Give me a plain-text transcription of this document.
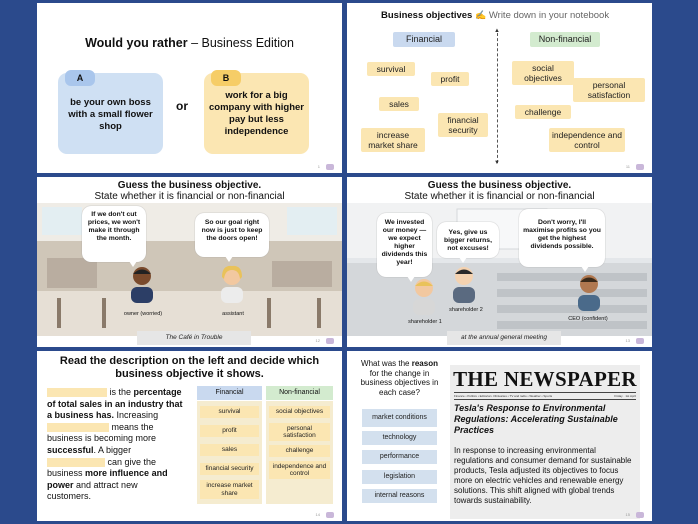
Would you rather – Business Edition
A
be your own boss with a small flower shop
or
B
work for a big company with higher pay but less independence
1
Business objectives ✍ Write down in your notebook
Financial	Non-financial
▲
▼
survival
profit
sales
financial security
increase market share
social objectives
personal satisfaction
challenge
independence and control
11
Guess the business objective.
State whether it is financial or non-financial
If we don't cut prices, we won't make it through the month.
So our goal right now is just to keep the doors open!
owner (worried)	assistant
The Café in Trouble	12
Guess the business objective.
State whether it is financial or non-financial
We invested our money — we expect higher dividends this year!
Yes, give us bigger returns, not excuses!
Don't worry, I'll maximise profits so you get the highest dividends possible.
shareholder 1
shareholder 2
CEO (confident)
at the annual general meeting	13
Read the description on the left and decide which business objective it shows.
is the percentage of total sales in an industry that a business has. Increasing  means the business is becoming more successful. A bigger  can give the business more influence and power and attract new customers.
Financial	Non-financial
survival
profit
sales
financial security
increase market share
social objectives
personal satisfaction
challenge
independence and control
14
What was the reason for the change in business objectives in each case?
market conditions
technology
performance
legislation
internal reasons
THE NEWSPAPER
Finance • Politics • Editorial • Obituaries • TV and radio • Weather • Sports	Friday · 1st April
Tesla's Response to Environmental Regulations: Accelerating Sustainable Practices
In response to increasing environmental regulations and consumer demand for sustainable products, Tesla adjusted its objectives to focus more on electric vehicles and renewable energy solutions. This shift aligned with global trends towards sustainability.
15
